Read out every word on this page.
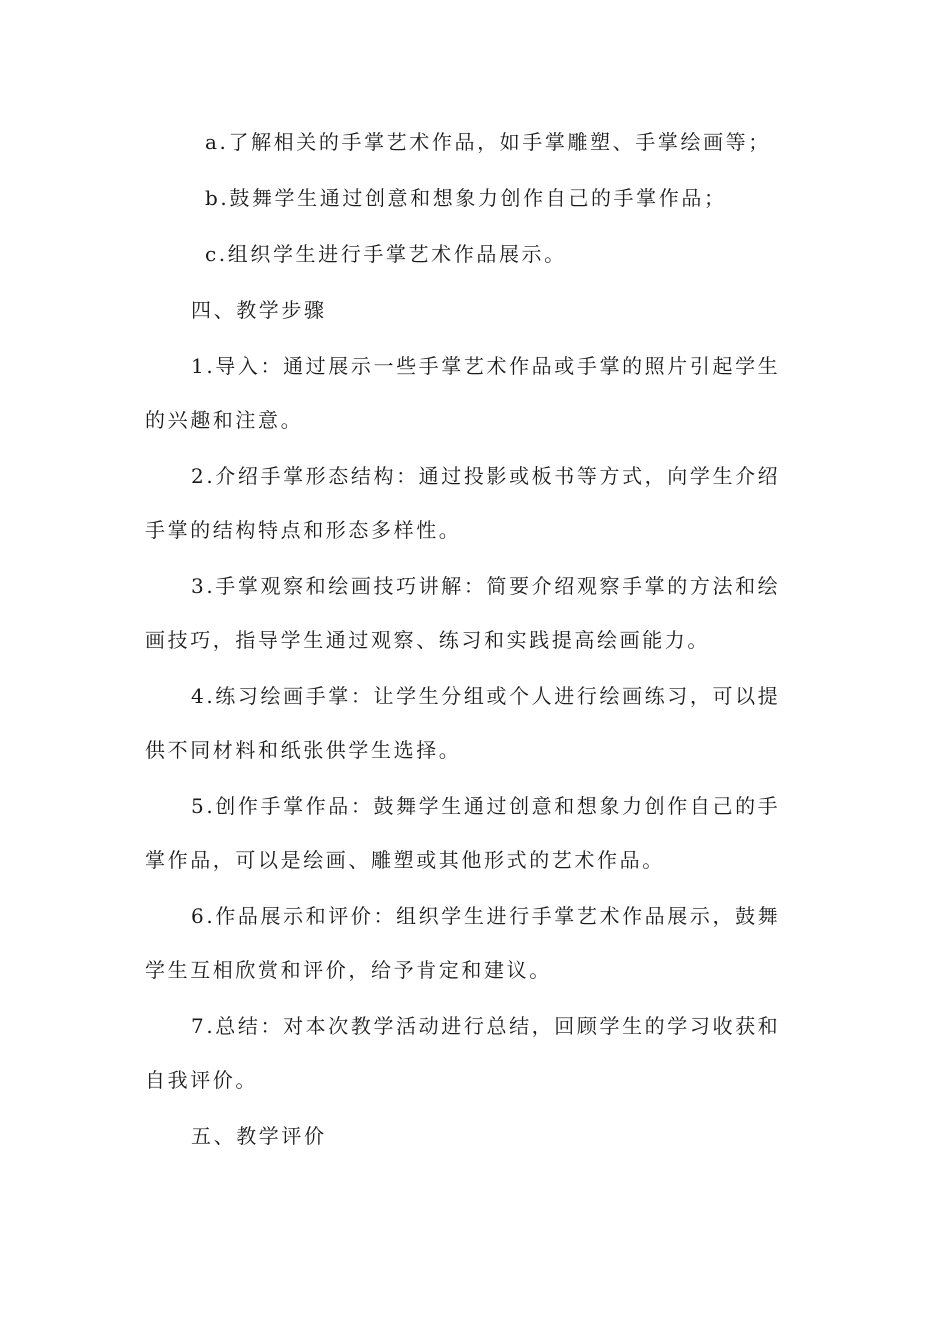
a.了解相关的手掌艺术作品，如手掌雕塑、手掌绘画等；

b.鼓舞学生通过创意和想象力创作自己的手掌作品；

c.组织学生进行手掌艺术作品展示。

四、教学步骤

1.导入：通过展示一些手掌艺术作品或手掌的照片引起学生的兴趣和注意。

2.介绍手掌形态结构：通过投影或板书等方式，向学生介绍手掌的结构特点和形态多样性。

3.手掌观察和绘画技巧讲解：简要介绍观察手掌的方法和绘画技巧，指导学生通过观察、练习和实践提高绘画能力。

4.练习绘画手掌：让学生分组或个人进行绘画练习，可以提供不同材料和纸张供学生选择。

5.创作手掌作品：鼓舞学生通过创意和想象力创作自己的手掌作品，可以是绘画、雕塑或其他形式的艺术作品。

6.作品展示和评价：组织学生进行手掌艺术作品展示，鼓舞学生互相欣赏和评价，给予肯定和建议。

7.总结：对本次教学活动进行总结，回顾学生的学习收获和自我评价。

五、教学评价
